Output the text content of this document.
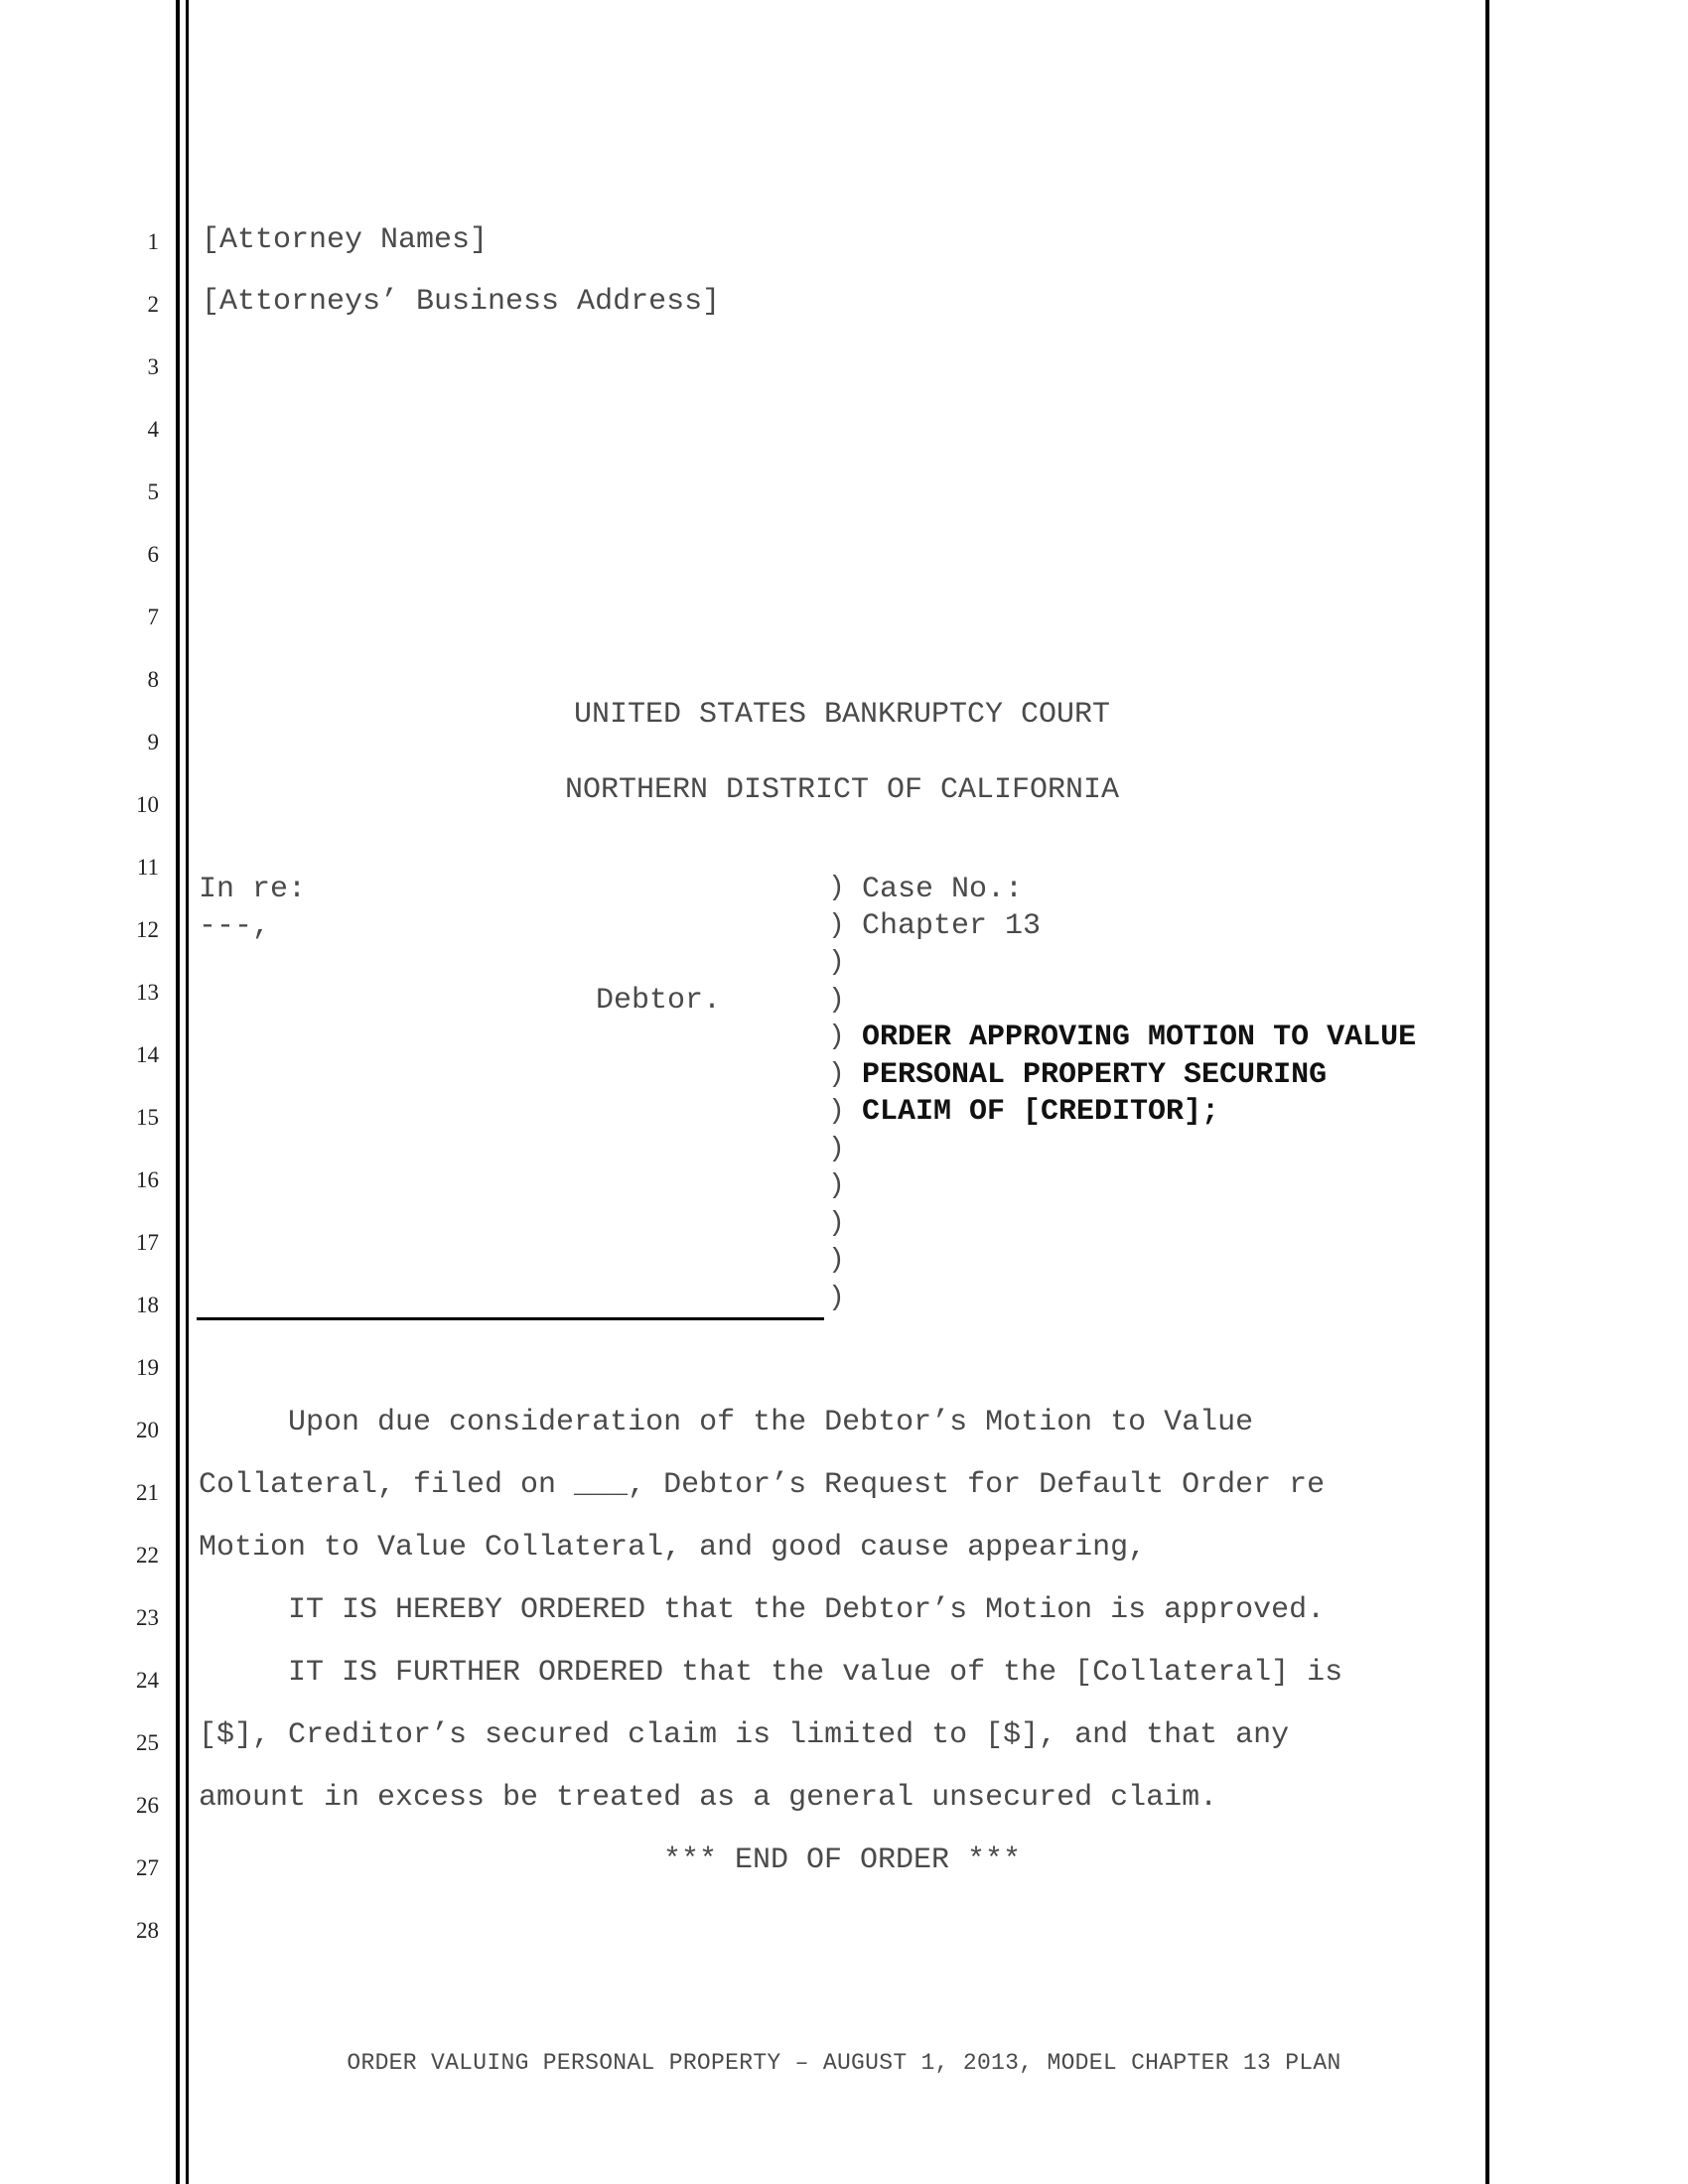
1
2
3
4
5
6
7
8
9
10
11
12
13
14
15
16
17
18
19
20
21
22
23
24
25
26
27
28
[Attorney Names]
[Attorneys’ Business Address]
UNITED STATES BANKRUPTCY COURT
NORTHERN DISTRICT OF CALIFORNIA
In re:
---,
Debtor.
)
)
)
)
)
)
)
)
)
)
)
)
Case No.:
Chapter 13
ORDER APPROVING MOTION TO VALUE
PERSONAL PROPERTY SECURING
CLAIM OF [CREDITOR];
Upon due consideration of the Debtor’s Motion to Value
Collateral, filed on ___, Debtor’s Request for Default Order re
Motion to Value Collateral, and good cause appearing,
IT IS HEREBY ORDERED that the Debtor’s Motion is approved.
IT IS FURTHER ORDERED that the value of the [Collateral] is
[$], Creditor’s secured claim is limited to [$], and that any
amount in excess be treated as a general unsecured claim.
*** END OF ORDER ***
ORDER VALUING PERSONAL PROPERTY – AUGUST 1, 2013, MODEL CHAPTER 13 PLAN
